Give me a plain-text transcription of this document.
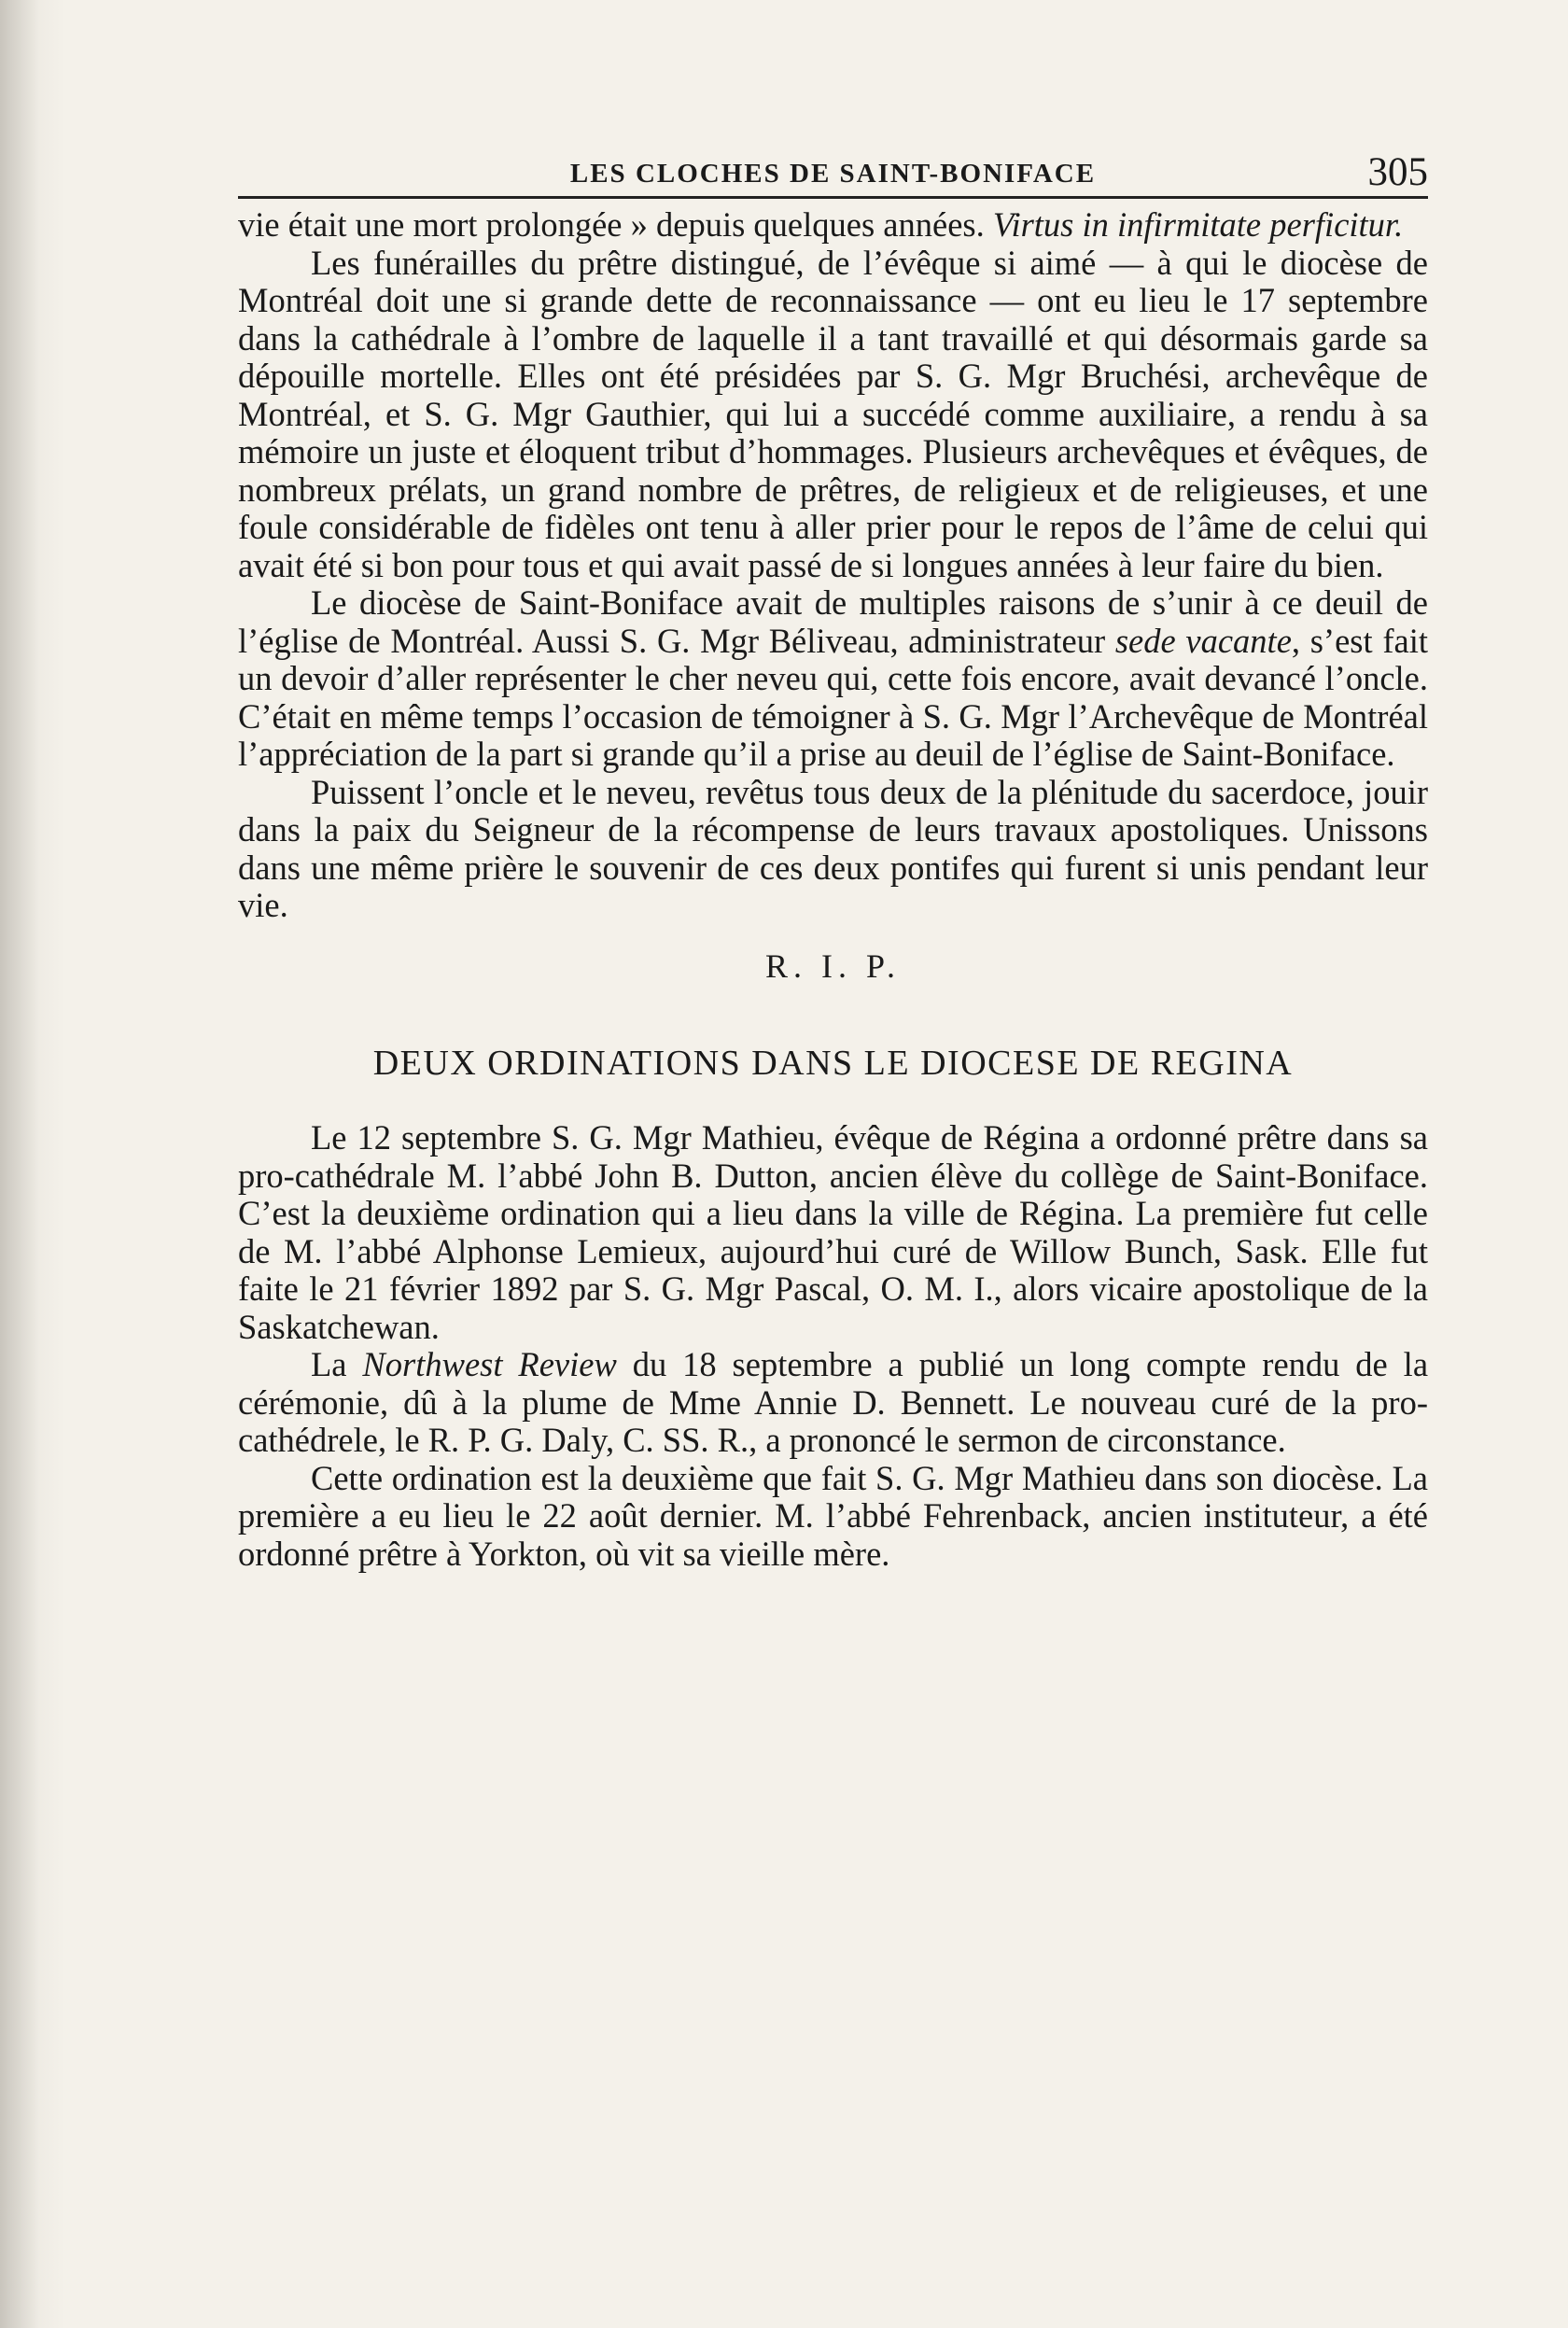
LES CLOCHES DE SAINT-BONIFACE	305

vie était une mort prolongée » depuis quelques années. Virtus in infirmitate perficitur.

Les funérailles du prêtre distingué, de l’évêque si aimé — à qui le diocèse de Montréal doit une si grande dette de reconnaissance — ont eu lieu le 17 septembre dans la cathédrale à l’ombre de laquelle il a tant travaillé et qui désormais garde sa dépouille mortelle. Elles ont été présidées par S. G. Mgr Bruchési, archevêque de Montréal, et S. G. Mgr Gauthier, qui lui a succédé comme auxiliaire, a rendu à sa mémoire un juste et éloquent tribut d’hommages. Plusieurs archevêques et évêques, de nombreux prélats, un grand nombre de prêtres, de religieux et de religieuses, et une foule considérable de fidèles ont tenu à aller prier pour le repos de l’âme de celui qui avait été si bon pour tous et qui avait passé de si longues années à leur faire du bien.

Le diocèse de Saint-Boniface avait de multiples raisons de s’unir à ce deuil de l’église de Montréal. Aussi S. G. Mgr Béliveau, administrateur sede vacante, s’est fait un devoir d’aller représenter le cher neveu qui, cette fois encore, avait devancé l’oncle. C’était en même temps l’occasion de témoigner à S. G. Mgr l’Archevêque de Montréal l’appréciation de la part si grande qu’il a prise au deuil de l’église de Saint-Boniface.

Puissent l’oncle et le neveu, revêtus tous deux de la plénitude du sacerdoce, jouir dans la paix du Seigneur de la récompense de leurs travaux apostoliques. Unissons dans une même prière le souvenir de ces deux pontifes qui furent si unis pendant leur vie.

R. I. P.
DEUX ORDINATIONS DANS LE DIOCESE DE REGINA

Le 12 septembre S. G. Mgr Mathieu, évêque de Régina a ordonné prêtre dans sa pro-cathédrale M. l’abbé John B. Dutton, ancien élève du collège de Saint-Boniface. C’est la deuxième ordination qui a lieu dans la ville de Régina. La première fut celle de M. l’abbé Alphonse Lemieux, aujourd’hui curé de Willow Bunch, Sask. Elle fut faite le 21 février 1892 par S. G. Mgr Pascal, O. M. I., alors vicaire apostolique de la Saskatchewan.

La Northwest Review du 18 septembre a publié un long compte rendu de la cérémonie, dû à la plume de Mme Annie D. Bennett. Le nouveau curé de la pro-cathédrele, le R. P. G. Daly, C. SS. R., a prononcé le sermon de circonstance.

Cette ordination est la deuxième que fait S. G. Mgr Mathieu dans son diocèse. La première a eu lieu le 22 août dernier. M. l’abbé Fehrenback, ancien instituteur, a été ordonné prêtre à Yorkton, où vit sa vieille mère.
